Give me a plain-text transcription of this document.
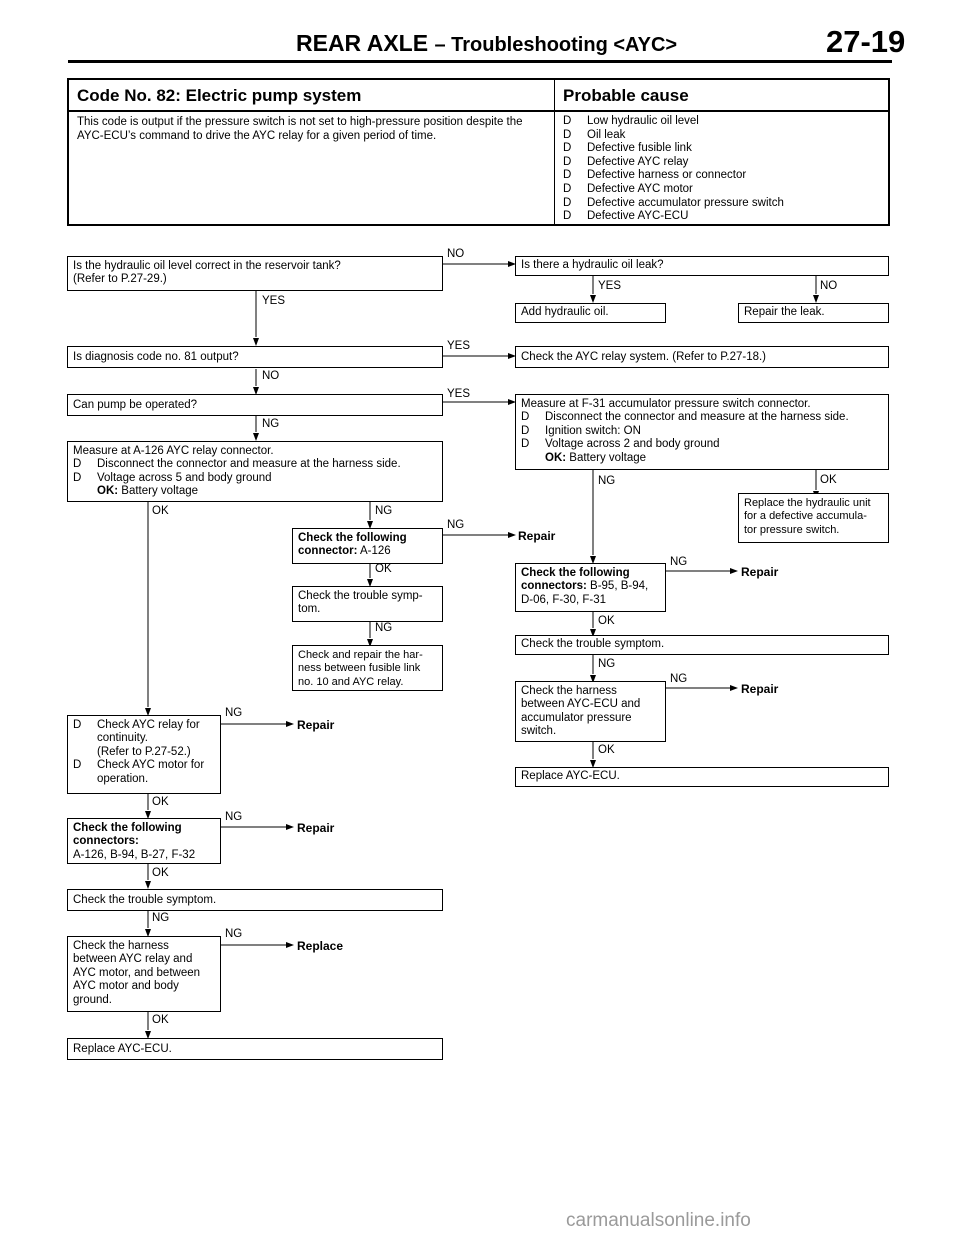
REAR AXLE – Troubleshooting <AYC>	27-19
Code No. 82: Electric pump system	Probable cause
This code is output if the pressure switch is not set to high-pressure position despite the AYC-ECU’s command to drive the AYC relay for a given period of time.
D Low hydraulic oil level
D Oil leak
D Defective fusible link
D Defective AYC relay
D Defective harness or connector
D Defective AYC motor
D Defective accumulator pressure switch
D Defective AYC-ECU
Is the hydraulic oil level correct in the reservoir tank?
(Refer to P.27-29.)
Is there a hydraulic oil leak?
Add hydraulic oil.	Repair the leak.
Is diagnosis code no. 81 output?	Check the AYC relay system. (Refer to P.27-18.)
Can pump be operated?	Measure at F-31 accumulator pressure switch connector.
D Disconnect the connector and measure at the harness side.
D Ignition switch: ON
D Voltage across 2 and body ground
OK: Battery voltage
Measure at A-126 AYC relay connector.
D Disconnect the connector and measure at the harness side.
D Voltage across 5 and body ground
OK: Battery voltage
Replace the hydraulic unit
for a defective accumula-
tor pressure switch.
Check the following
connector: A-126
Check the trouble symp-
tom.
Check and repair the har-
ness between fusible link
no. 10 and AYC relay.
Check the following
connectors: B-95, B-94,
D-06, F-30, F-31
Check the trouble symptom.
Check the harness
between AYC-ECU and
accumulator pressure
switch.
Replace AYC-ECU.
D Check AYC relay for
continuity.
(Refer to P.27-52.)
D Check AYC motor for
operation.
Check the following
connectors:
A-126, B-94, B-27, F-32
Check the trouble symptom.
Check the harness
between AYC relay and
AYC motor, and between
AYC motor and body
ground.
Replace AYC-ECU.
NO
YES
YES	NO
YES
NO
YES
NG
NG	OK
OK	NG
NG
OK
NG
OK
NG
NG
NG
NG
OK
OK
NG
OK
NG
NG
OK
Repair
Repair
Repair
Repair
Repair
Replace
carmanualsonline.info
